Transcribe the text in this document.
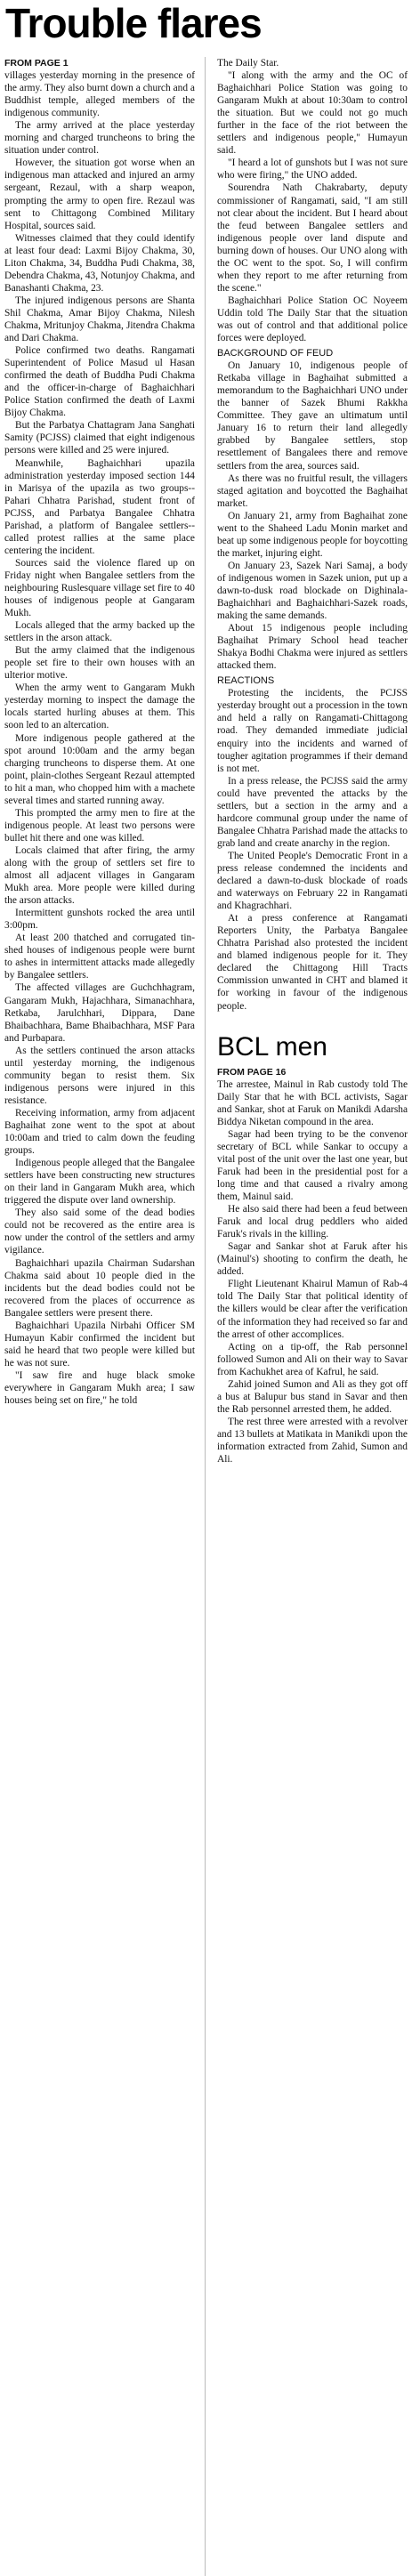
Trouble flares
FROM PAGE 1

villages yesterday morning in the presence of the army. They also burnt down a church and a Buddhist temple, alleged members of the indigenous community.

The army arrived at the place yesterday morning and charged truncheons to bring the situation under control.

However, the situation got worse when an indigenous man attacked and injured an army sergeant, Rezaul, with a sharp weapon, prompting the army to open fire. Rezaul was sent to Chittagong Combined Military Hospital, sources said.

Witnesses claimed that they could identify at least four dead: Laxmi Bijoy Chakma, 30, Liton Chakma, 34, Buddha Pudi Chakma, 38, Debendra Chakma, 43, Notunjoy Chakma, and Banashanti Chakma, 23.

The injured indigenous persons are Shanta Shil Chakma, Amar Bijoy Chakma, Nilesh Chakma, Mritunjoy Chakma, Jitendra Chakma and Dari Chakma.

Police confirmed two deaths. Rangamati Superintendent of Police Masud ul Hasan confirmed the death of Buddha Pudi Chakma and the officer-in-charge of Baghaichhari Police Station confirmed the death of Laxmi Bijoy Chakma.

But the Parbatya Chattagram Jana Sanghati Samity (PCJSS) claimed that eight indigenous persons were killed and 25 were injured.

Meanwhile, Baghaichhari upazila administration yesterday imposed section 144 in Marisya of the upazila as two groups--Pahari Chhatra Parishad, student front of PCJSS, and Parbatya Bangalee Chhatra Parishad, a platform of Bangalee settlers--called protest rallies at the same place centering the incident.

Sources said the violence flared up on Friday night when Bangalee settlers from the neighbouring Ruslesquare village set fire to 40 houses of indigenous people at Gangaram Mukh.

Locals alleged that the army backed up the settlers in the arson attack.

But the army claimed that the indigenous people set fire to their own houses with an ulterior motive.

When the army went to Gangaram Mukh yesterday morning to inspect the damage the locals started hurling abuses at them. This soon led to an altercation.

More indigenous people gathered at the spot around 10:00am and the army began charging truncheons to disperse them. At one point, plain-clothes Sergeant Rezaul attempted to hit a man, who chopped him with a machete several times and started running away.

This prompted the army men to fire at the indigenous people. At least two persons were bullet hit there and one was killed.

Locals claimed that after firing, the army along with the group of settlers set fire to almost all adjacent villages in Gangaram Mukh area. More people were killed during the arson attacks.

Intermittent gunshots rocked the area until 3:00pm.

At least 200 thatched and corrugated tin-shed houses of indigenous people were burnt to ashes in intermittent attacks made allegedly by Bangalee settlers.

The affected villages are Guchchhagram, Gangaram Mukh, Hajachhara, Simanachhara, Retkaba, Jarulchhari, Dippara, Dane Bhaibachhara, Bame Bhaibachhara, MSF Para and Purbapara.

As the settlers continued the arson attacks until yesterday morning, the indigenous community began to resist them. Six indigenous persons were injured in this resistance.

Receiving information, army from adjacent Baghaihat zone went to the spot at about 10:00am and tried to calm down the feuding groups.

Indigenous people alleged that the Bangalee settlers have been constructing new structures on their land in Gangaram Mukh area, which triggered the dispute over land ownership.

They also said some of the dead bodies could not be recovered as the entire area is now under the control of the settlers and army vigilance.

Baghaichhari upazila Chairman Sudarshan Chakma said about 10 people died in the incidents but the dead bodies could not be recovered from the places of occurrence as Bangalee settlers were present there.

Baghaichhari Upazila Nirbahi Officer SM Humayun Kabir confirmed the incident but said he heard that two people were killed but he was not sure.

"I saw fire and huge black smoke everywhere in Gangaram Mukh area; I saw houses being set on fire," he told

The Daily Star.

"I along with the army and the OC of Baghaichhari Police Station was going to Gangaram Mukh at about 10:30am to control the situation. But we could not go much further in the face of the riot between the settlers and indigenous people," Humayun said.

"I heard a lot of gunshots but I was not sure who were firing," the UNO added.

Sourendra Nath Chakrabarty, deputy commissioner of Rangamati, said, "I am still not clear about the incident. But I heard about the feud between Bangalee settlers and indigenous people over land dispute and burning down of houses. Our UNO along with the OC went to the spot. So, I will confirm when they report to me after returning from the scene."

Baghaichhari Police Station OC Noyeem Uddin told The Daily Star that the situation was out of control and that additional police forces were deployed.

BACKGROUND OF FEUD

On January 10, indigenous people of Retkaba village in Baghaihat submitted a memorandum to the Baghaichhari UNO under the banner of Sazek Bhumi Rakkha Committee. They gave an ultimatum until January 16 to return their land allegedly grabbed by Bangalee settlers, stop resettlement of Bangalees there and remove settlers from the area, sources said.

As there was no fruitful result, the villagers staged agitation and boycotted the Baghaihat market.

On January 21, army from Baghaihat zone went to the Shaheed Ladu Monin market and beat up some indigenous people for boycotting the market, injuring eight.

On January 23, Sazek Nari Samaj, a body of indigenous women in Sazek union, put up a dawn-to-dusk road blockade on Dighinala-Baghaichhari and Baghaichhari-Sazek roads, making the same demands.

About 15 indigenous people including Baghaihat Primary School head teacher Shakya Bodhi Chakma were injured as settlers attacked them.

REACTIONS

Protesting the incidents, the PCJSS yesterday brought out a procession in the town and held a rally on Rangamati-Chittagong road. They demanded immediate judicial enquiry into the incidents and warned of tougher agitation programmes if their demand is not met.

In a press release, the PCJSS said the army could have prevented the attacks by the settlers, but a section in the army and a hardcore communal group under the name of Bangalee Chhatra Parishad made the attacks to grab land and create anarchy in the region.

The United People's Democratic Front in a press release condemned the incidents and declared a dawn-to-dusk blockade of roads and waterways on February 22 in Rangamati and Khagrachhari.

At a press conference at Rangamati Reporters Unity, the Parbatya Bangalee Chhatra Parishad also protested the incident and blamed indigenous people for it. They declared the Chittagong Hill Tracts Commission unwanted in CHT and blamed it for working in favour of the indigenous people.

BCL men
FROM PAGE 16

The arrestee, Mainul in Rab custody told The Daily Star that he with BCL activists, Sagar and Sankar, shot at Faruk on Manikdi Adarsha Biddya Niketan compound in the area.

Sagar had been trying to be the convenor secretary of BCL while Sankar to occupy a vital post of the unit over the last one year, but Faruk had been in the presidential post for a long time and that caused a rivalry among them, Mainul said.

He also said there had been a feud between Faruk and local drug peddlers who aided Faruk's rivals in the killing.

Sagar and Sankar shot at Faruk after his (Mainul's) shooting to confirm the death, he added.

Flight Lieutenant Khairul Mamun of Rab-4 told The Daily Star that political identity of the killers would be clear after the verification of the information they had received so far and the arrest of other accomplices.

Acting on a tip-off, the Rab personnel followed Sumon and Ali on their way to Savar from Kachukhet area of Kafrul, he said.

Zahid joined Sumon and Ali as they got off a bus at Balupur bus stand in Savar and then the Rab personnel arrested them, he added.

The rest three were arrested with a revolver and 13 bullets at Matikata in Manikdi upon the information extracted from Zahid, Sumon and Ali.
